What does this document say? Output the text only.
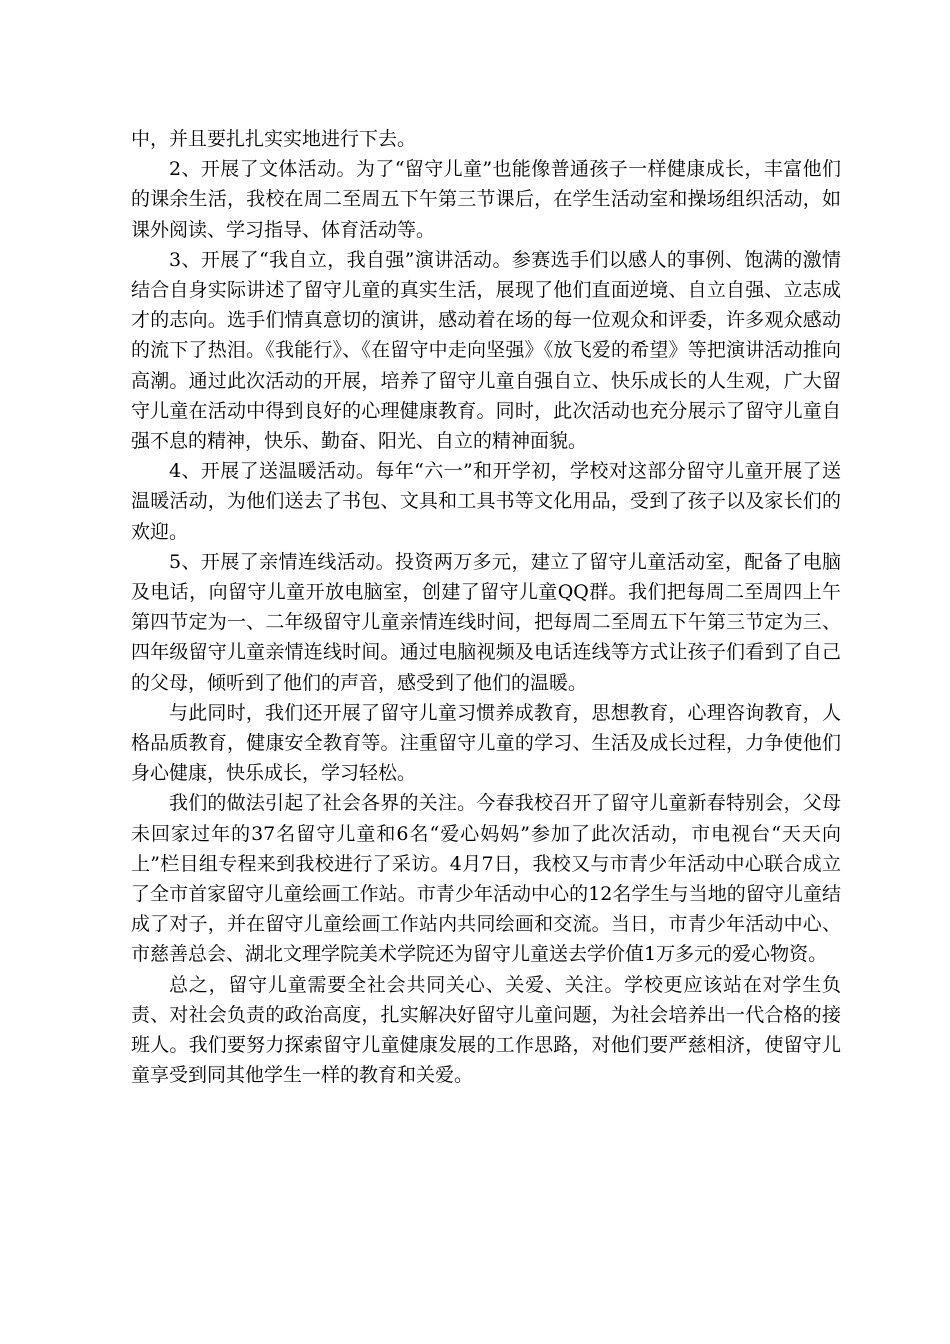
中，并且要扎扎实实地进行下去。

2、开展了文体活动。为了“留守儿童”也能像普通孩子一样健康成长，丰富他们的课余生活，我校在周二至周五下午第三节课后，在学生活动室和操场组织活动，如课外阅读、学习指导、体育活动等。

3、开展了“我自立，我自强”演讲活动。参赛选手们以感人的事例、饱满的激情结合自身实际讲述了留守儿童的真实生活，展现了他们直面逆境、自立自强、立志成才的志向。选手们情真意切的演讲，感动着在场的每一位观众和评委，许多观众感动的流下了热泪。《我能行》、《在留守中走向坚强》《放飞爱的希望》等把演讲活动推向高潮。通过此次活动的开展，培养了留守儿童自强自立、快乐成长的人生观，广大留守儿童在活动中得到良好的心理健康教育。同时，此次活动也充分展示了留守儿童自强不息的精神，快乐、勤奋、阳光、自立的精神面貌。

4、开展了送温暖活动。每年“六一”和开学初，学校对这部分留守儿童开展了送温暖活动，为他们送去了书包、文具和工具书等文化用品，受到了孩子以及家长们的欢迎。

5、开展了亲情连线活动。投资两万多元，建立了留守儿童活动室，配备了电脑及电话，向留守儿童开放电脑室，创建了留守儿童QQ群。我们把每周二至周四上午第四节定为一、二年级留守儿童亲情连线时间，把每周二至周五下午第三节定为三、四年级留守儿童亲情连线时间。通过电脑视频及电话连线等方式让孩子们看到了自己的父母，倾听到了他们的声音，感受到了他们的温暖。

与此同时，我们还开展了留守儿童习惯养成教育，思想教育，心理咨询教育，人格品质教育，健康安全教育等。注重留守儿童的学习、生活及成长过程，力争使他们身心健康，快乐成长，学习轻松。

我们的做法引起了社会各界的关注。今春我校召开了留守儿童新春特别会，父母未回家过年的37名留守儿童和6名“爱心妈妈”参加了此次活动，市电视台“天天向上”栏目组专程来到我校进行了采访。4月7日，我校又与市青少年活动中心联合成立了全市首家留守儿童绘画工作站。市青少年活动中心的12名学生与当地的留守儿童结成了对子，并在留守儿童绘画工作站内共同绘画和交流。当日，市青少年活动中心、市慈善总会、湖北文理学院美术学院还为留守儿童送去学价值1万多元的爱心物资。

总之，留守儿童需要全社会共同关心、关爱、关注。学校更应该站在对学生负责、对社会负责的政治高度，扎实解决好留守儿童问题，为社会培养出一代合格的接班人。我们要努力探索留守儿童健康发展的工作思路，对他们要严慈相济，使留守儿童享受到同其他学生一样的教育和关爱。
